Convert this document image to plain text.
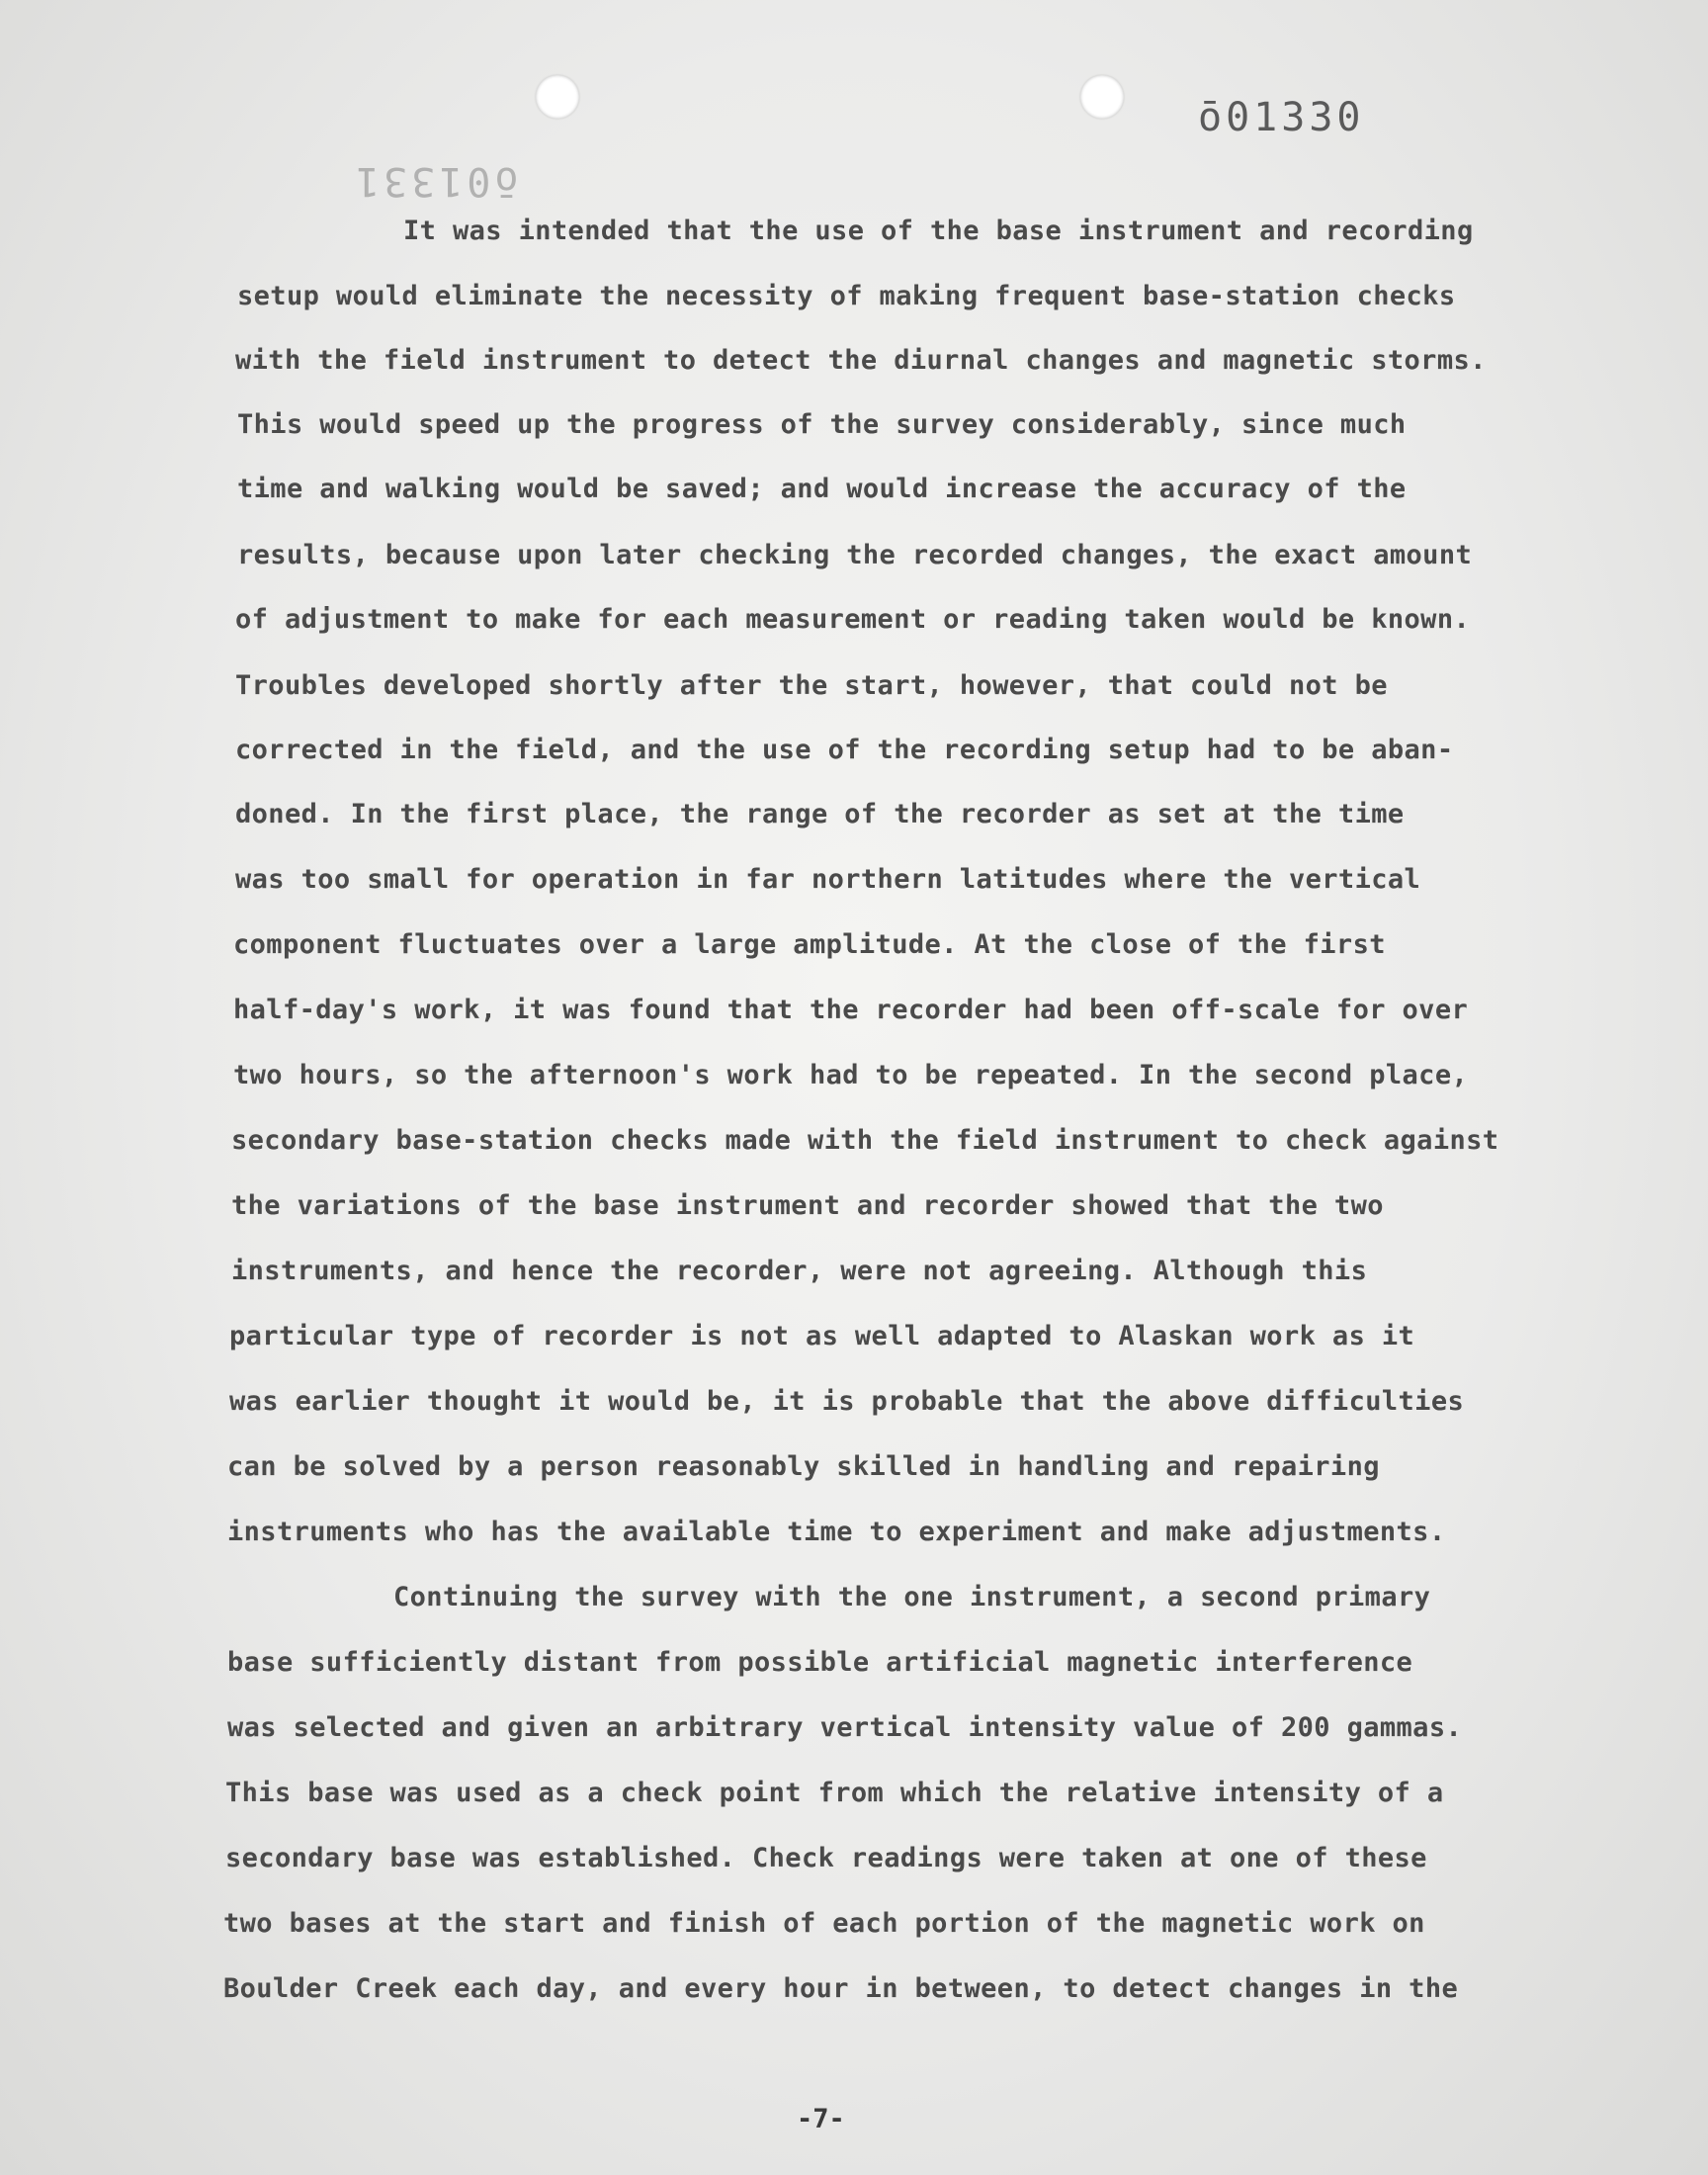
ō01330
ō01331

It was intended that the use of the base instrument and recording

setup would eliminate the necessity of making frequent base-station checks

with the field instrument to detect the diurnal changes and magnetic storms.

This would speed up the progress of the survey considerably, since much

time and walking would be saved; and would increase the accuracy of the

results, because upon later checking the recorded changes, the exact amount

of adjustment to make for each measurement or reading taken would be known.

Troubles developed shortly after the start, however, that could not be

corrected in the field, and the use of the recording setup had to be aban-

doned. In the first place, the range of the recorder as set at the time

was too small for operation in far northern latitudes where the vertical

component fluctuates over a large amplitude. At the close of the first

half-day's work, it was found that the recorder had been off-scale for over

two hours, so the afternoon's work had to be repeated. In the second place,

secondary base-station checks made with the field instrument to check against

the variations of the base instrument and recorder showed that the two

instruments, and hence the recorder, were not agreeing. Although this

particular type of recorder is not as well adapted to Alaskan work as it

was earlier thought it would be, it is probable that the above difficulties

can be solved by a person reasonably skilled in handling and repairing

instruments who has the available time to experiment and make adjustments.

Continuing the survey with the one instrument, a second primary

base sufficiently distant from possible artificial magnetic interference

was selected and given an arbitrary vertical intensity value of 200 gammas.

This base was used as a check point from which the relative intensity of a

secondary base was established. Check readings were taken at one of these

two bases at the start and finish of each portion of the magnetic work on

Boulder Creek each day, and every hour in between, to detect changes in the

-7-
